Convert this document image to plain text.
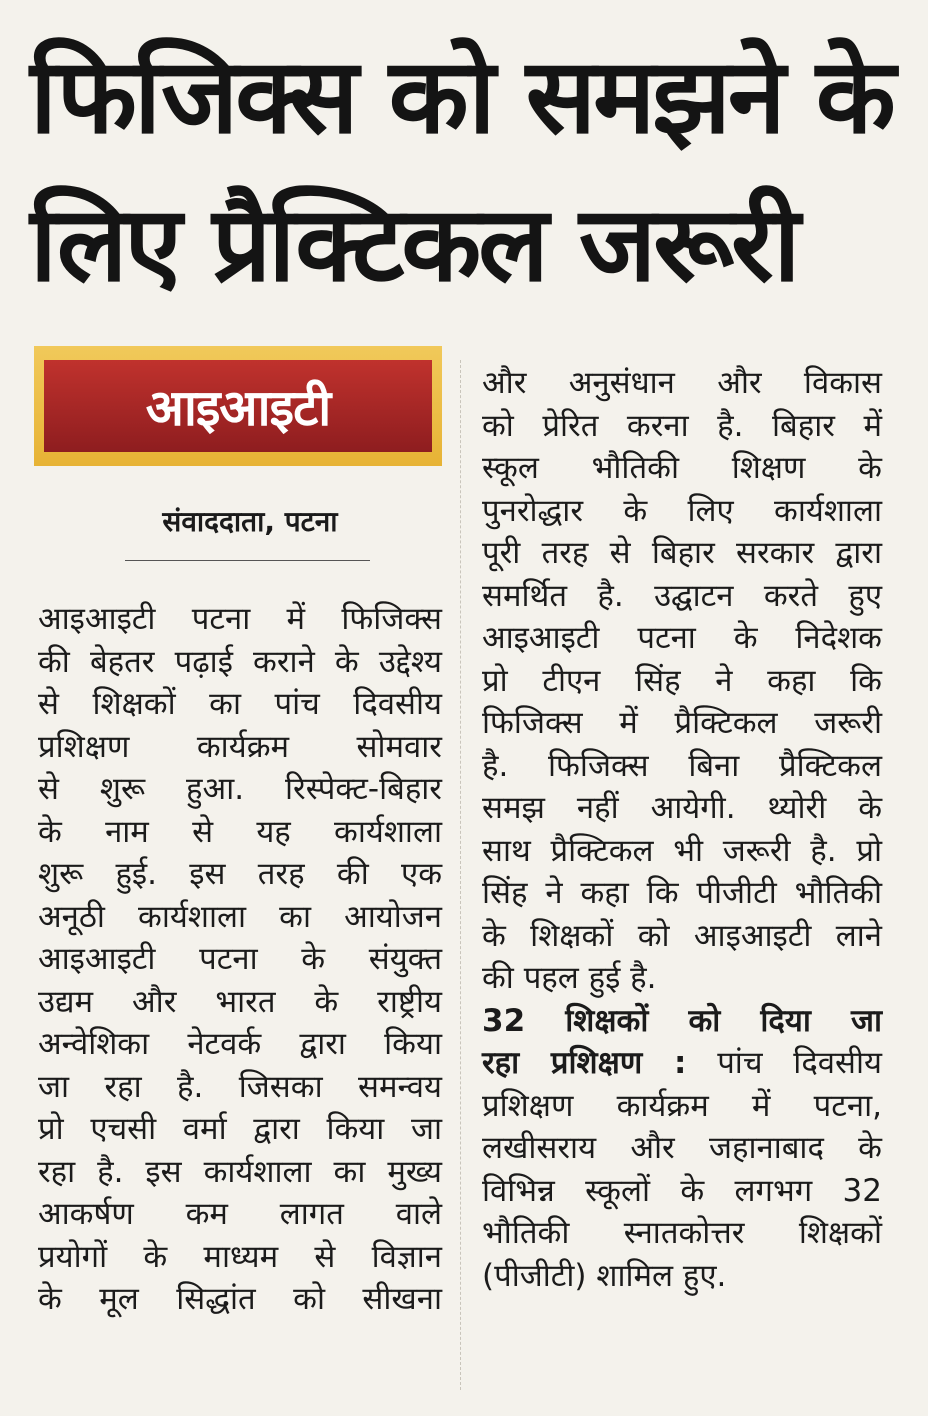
फिजिक्स को समझने के
लिए प्रैक्टिकल जरूरी
आइआइटी
संवाददाता, पटना
आइआइटी पटना में फिजिक्स
की बेहतर पढ़ाई कराने के उद्देश्य
से शिक्षकों का पांच दिवसीय
प्रशिक्षण कार्यक्रम सोमवार
से शुरू हुआ. रिस्पेक्ट-बिहार
के नाम से यह कार्यशाला
शुरू हुई. इस तरह की एक
अनूठी कार्यशाला का आयोजन
आइआइटी पटना के संयुक्त
उद्यम और भारत के राष्ट्रीय
अन्वेशिका नेटवर्क द्वारा किया
जा रहा है. जिसका समन्वय
प्रो एचसी वर्मा द्वारा किया जा
रहा है. इस कार्यशाला का मुख्य
आकर्षण कम लागत वाले
प्रयोगों के माध्यम से विज्ञान
के मूल सिद्धांत को सीखना
और अनुसंधान और विकास
को प्रेरित करना है. बिहार में
स्कूल भौतिकी शिक्षण के
पुनरोद्धार के लिए कार्यशाला
पूरी तरह से बिहार सरकार द्वारा
समर्थित है. उद्घाटन करते हुए
आइआइटी पटना के निदेशक
प्रो टीएन सिंह ने कहा कि
फिजिक्स में प्रैक्टिकल जरूरी
है. फिजिक्स बिना प्रैक्टिकल
समझ नहीं आयेगी. थ्योरी के
साथ प्रैक्टिकल भी जरूरी है. प्रो
सिंह ने कहा कि पीजीटी भौतिकी
के शिक्षकों को आइआइटी लाने
की पहल हुई है.
32 शिक्षकों को दिया जा
रहा प्रशिक्षण : पांच दिवसीय
प्रशिक्षण कार्यक्रम में पटना,
लखीसराय और जहानाबाद के
विभिन्न स्कूलों के लगभग 32
भौतिकी स्नातकोत्तर शिक्षकों
(पीजीटी) शामिल हुए.
